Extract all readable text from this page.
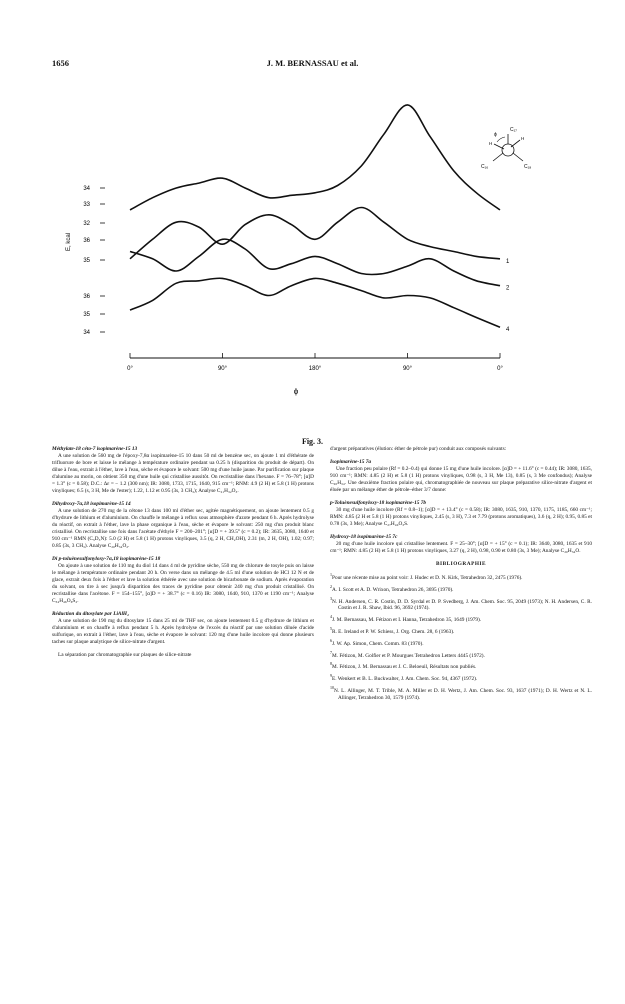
1656	J. M. BERNASSAU et al.
E, kcal
34
33
32
36
35
36
35
34
1
2
4
0°	90°	180°	90°	0°
ϕ
C₁₇
C₁₆	C₁₈
ϕ
H
H
Fig. 3.

Méthylate-18 céto-7 isopimarène-15 13

A une solution de 560 mg de l'époxy-7,8α isopimarène-15 10 dans 50 ml de benzène sec, on ajoute 1 ml d'éthérate de trifluorure de bore et laisse le mélange à température ordinaire pendant ua 0.25 h (disparition du produit de départ). On dilue à l'eau, extrait à l'éther, lave à l'eau, sèche et évapore le solvant: 500 mg d'une huile jaune. Par purification sur plaque d'alumine au morin, on obtient 350 mg d'une huile qui cristallise aussitôt. On recristallise dans l'hexane. F = 76–78°; [α]D = 1.3° (c = 0.58); D.C.: Δε = − 1.2 (300 nm); IR: 3080, 1733, 1715, 1640, 915 cm⁻¹; RNM: 4.9 (2 H) et 5.8 (1 H) protons vinyliques; 6.5 (s, 3 H, Me de l'ester); 1.22, 1.12 et 0.95 (3s, 3 CH₃); Analyse C₂₁H₃₂O₃.

Dihydroxy-7α,18 isopimarène-15 14

A une solution de 270 mg de la cétone 13 dans 100 ml d'éther sec, agitée magnétiquement, on ajoute lentement 0.5 g d'hydrure de lithium et d'aluminium. On chauffe le mélange à reflux sous atmosphère d'azote pendant 6 h. Après hydrolyse du réactif, on extrait à l'éther, lave la phase organique à l'eau, sèche et évapore le solvant: 250 mg d'un produit blanc cristallisé. On recristallise une fois dans l'acétate d'éthyle F = 200–201°; [α]D = + 39.5° (c = 0.2); IR: 3635, 3080, 1640 et 910 cm⁻¹ RMN (C₅D₅N): 5.0 (2 H) et 5.8 (1 H) protons vinyliques, 3.5 (q, 2 H, CH₂OH), 2.31 (m, 2 H, OH), 1.02; 0.97; 0.85 (3s, 3 CH₃). Analyse C₂₀H₃₄O₂.

Di p-toluènesulfonyloxy-7α,18 isopimarène-15 18

On ajoute à une solution de 110 mg du diol 14 dans 4 ml de pyridine sèche, 550 mg de chlorure de tosyle puis on laisse le mélange à température ordinaire pendant 20 h. On verse dans un mélange de 4.5 ml d'une solution de HCl 12 N et de glace, extrait deux fois à l'éther et lave la solution éthérée avec une solution de bicarbonate de sodium. Après évaporation du solvant, on tire à sec jusqu'à disparition des traces de pyridine pour obtenir 240 mg d'un produit cristallisé. On recristallise dans l'acétone. F = 154–155°, [α]D = + 38.7° (c = 0.16) IR: 3080, 1640, 910, 1370 et 1190 cm⁻¹; Analyse C₃₄H₄₆O₆S₂.

Réduction du ditosylate par LiAlH₄

A une solution de 190 mg du ditosylate 15 dans 25 ml de THF sec, on ajoute lentement 0.5 g d'hydrure de lithium et d'aluminium et on chauffe à reflux pendant 5 h. Après hydrolyse de l'excès du réactif par une solution diluée d'acide sulfurique, on extrait à l'éther, lave à l'eau, sèche et évapore le solvant: 120 mg d'une huile incolore qui donne plusieurs taches sur plaque analytique de silice-nitrate d'argent.

La séparation par chromatographie sur plaques de silice-nitrate

d'argent préparatives (élution: éther de pétrole pur) conduit aux composés suivants:

Isopimarène-15 7a

Une fraction peu polaire (Rf = 0.2–0.4) qui donne 15 mg d'une huile incolore. [α]D = + 11.6° (c = 0.44); IR: 3080, 1635, 910 cm⁻¹; RMN: 4.85 (2 H) et 5.8 (1 H) protons vinyliques, 0.98 (s, 3 H, Me 13), 0.85 (s, 3 Me confondus); Analyse C₂₀H₃₄. Une deuxième fraction polaire qui, chromatographiée de nouveau sur plaque préparative silice-nitrate d'argent et éluée par un mélange éther de pétrole–éther 3/7 donne:

p-Toluènesulfonyloxy-18 isopimarène-15 7b

30 mg d'une huile incolore (Rf = 0.8–1); [α]D = + 13.4° (c = 0.58); IR: 3080, 1635, 910, 1370, 1175, 1185, 660 cm⁻¹; RMN: 4.85 (2 H et 5.8 (1 H) protons vinyliques, 2.45 (s, 3 H), 7.3 et 7.79 (protons aromatiques), 3.6 (q, 2 H); 0.95, 0.85 et 0.78 (3s, 3 Me); Analyse C₂₇H₄₀O₃S.

Hydroxy-18 isopimarène-15 7c

20 mg d'une huile incolore qui cristallise lentement. F = 25–30°; [α]D = + 15° (c = 0.1); IR: 3640, 3080, 1635 et 910 cm⁻¹; RMN: 4.85 (2 H) et 5.8 (1 H) protons vinyliques, 3.27 (q, 2 H), 0.98, 0.90 et 0.80 (3s, 3 Me); Analyse C₂₀H₃₄O.

BIBLIOGRAPHIE
$^1$Pour une récente mise au point voir: J. Hudec et D. N. Kirk, Tetrahedron 32, 2475 (1976).
$^2$A. I. Scott et A. D. Wrixon, Tetrahedron 26, 3695 (1970).
$^3$N. H. Andersen, C. R. Costin, D. D. Syrdal et D. P. Svedberg, J. Am. Chem. Soc. 95, 2049 (1973); N. H. Andersen, C. R. Costin et J. R. Shaw, Ibid. 96, 3692 (1974).
$^4$J. M. Bernassau, M. Fétizon et I. Hanna, Tetrahedron 35, 1649 (1979).
$^5$R. E. Ireland et P. W. Schiess, J. Org. Chem. 28, 6 (1963).
$^6$J. W. Ap. Simon, Chem. Comm. 83 (1970).
$^7$M. Fétizon, M. Golfier et P. Mourgues Tetrahedron Letters 4445 (1972).
$^8$M. Fétizon, J. M. Bernassau et J. C. Beloeuil, Résultats non publiés.
$^9$E. Wenkert et B. L. Buckwalter, J. Am. Chem. Soc. 94, 4367 (1972).
$^{10}$N. L. Allinger, M. T. Trible, M. A. Miller et D. H. Wertz, J. Am. Chem. Soc. 93, 1637 (1971); D. H. Wertz et N. L. Allinger, Tetrahedron 30, 1579 (1974).
